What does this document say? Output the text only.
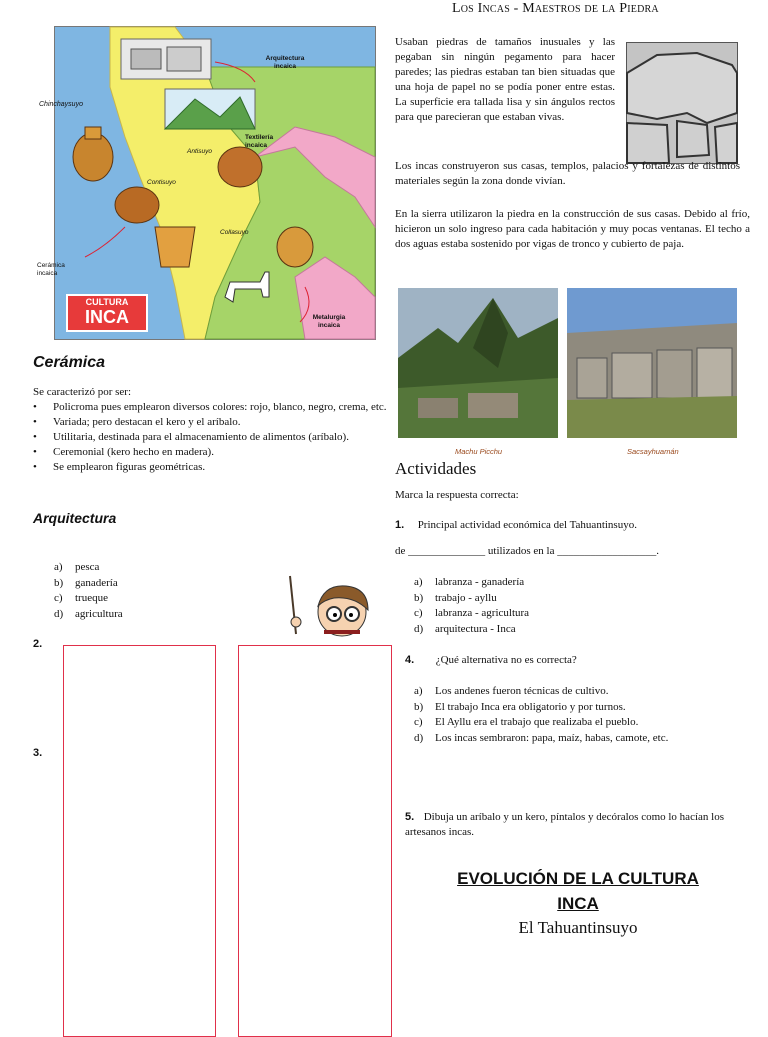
Los Incas - Maestros de la Piedra
Arquitectura incaica
Chinchaysuyo
Textilería incaica
Antisuyo
Contisuyo
Collasuyo
Cerámica incaica
Metalurgia incaica
CULTURA
INCA
Usaban piedras de tamaños inusuales y las pegaban sin ningún pegamento para hacer paredes; las piedras estaban tan bien situadas que una hoja de papel no se podía poner entre estas. La superficie era tallada lisa y sin ángulos rectos para que parecieran que estaban vivas.
Los incas construyeron sus casas, templos, palacios y fortalezas de distintos materiales según la zona donde vivían.
En la sierra utilizaron la piedra en la construcción de sus casas. Debido al frío, hicieron un solo ingreso para cada habitación y muy pocas ventanas. El techo a dos aguas estaba sostenido por vigas de tronco y cubierto de paja.
Machu Picchu	Sacsayhuamán
Cerámica
Se caracterizó por ser:
• Policroma pues emplearon diversos colores: rojo, blanco, negro, crema, etc.
• Variada; pero destacan el kero y el aríbalo.
• Utilitaria, destinada para el almacenamiento de alimentos (aríbalo).
• Ceremonial (kero hecho en madera).
• Se emplearon figuras geométricas.
Arquitectura
a) pesca
b) ganadería
c) trueque
d) agricultura
2.
3.
Actividades
Marca la respuesta correcta:
1. Principal actividad económica del Tahuantinsuyo.
de ______________ utilizados en la __________________.
a) labranza - ganadería
b) trabajo - ayllu
c) labranza - agricultura
d) arquitectura - Inca
4. ¿Qué alternativa no es correcta?
a) Los andenes fueron técnicas de cultivo.
b) El trabajo Inca era obligatorio y por turnos.
c) El Ayllu era el trabajo que realizaba el pueblo.
d) Los incas sembraron: papa, maíz, habas, camote, etc.
5. Dibuja un aríbalo y un kero, píntalos y decóralos como lo hacían los artesanos incas.
EVOLUCIÓN DE LA CULTURA
INCA
El Tahuantinsuyo
